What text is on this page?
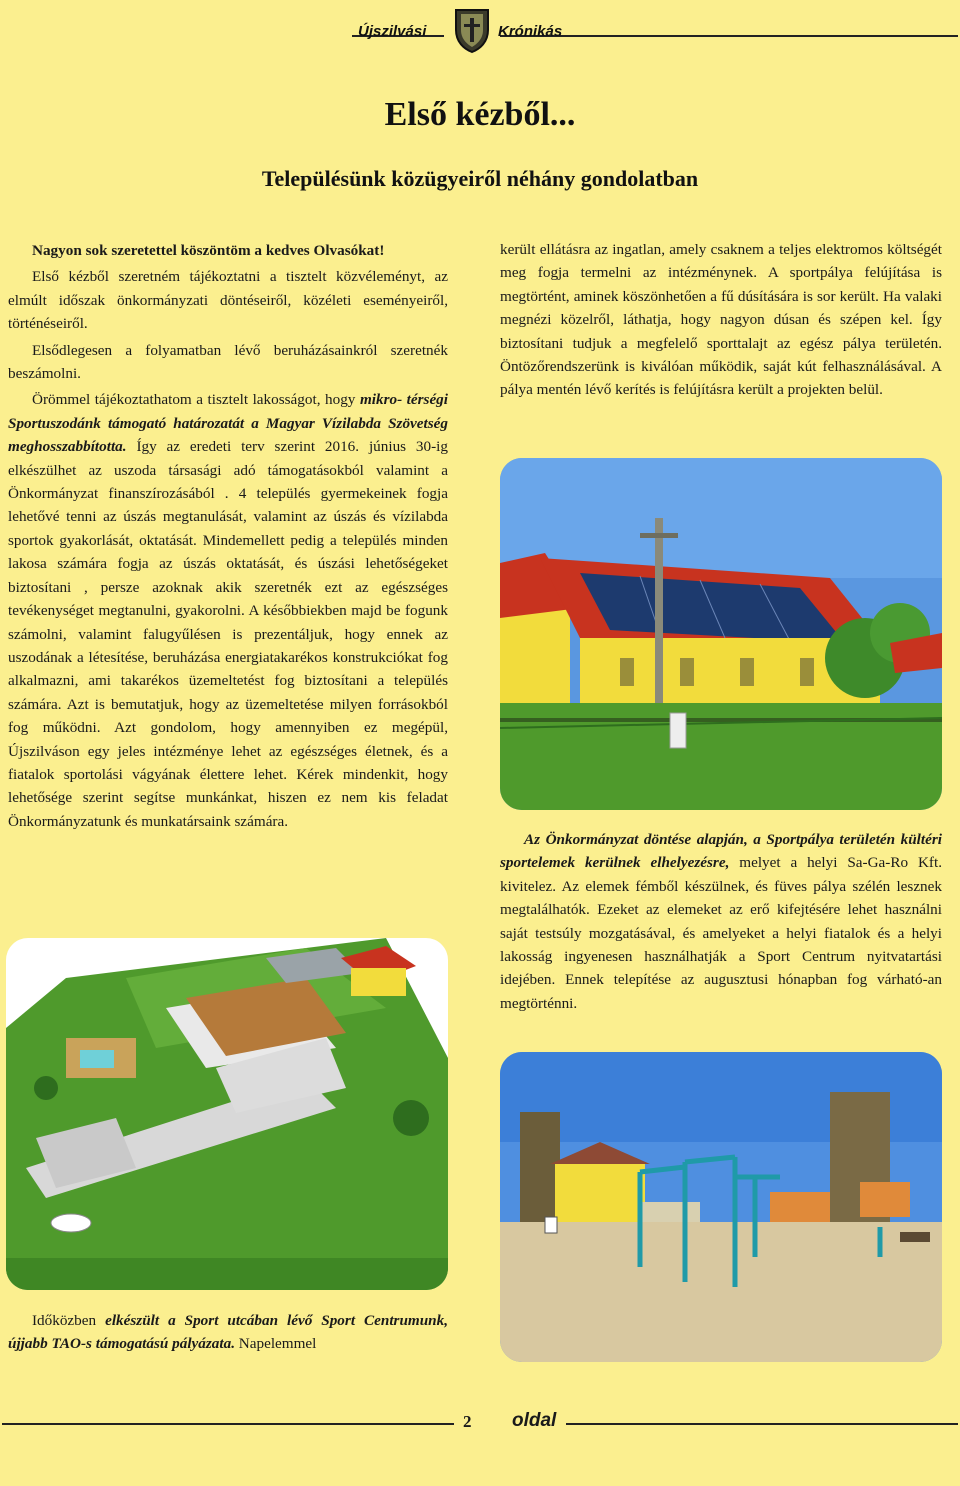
Újszilvási	Krónikás
Első kézből...
Településünk közügyeiről néhány gondolatban

Nagyon sok szeretettel köszöntöm a kedves Olvasókat!

Első kézből szeretném tájékoztatni a tisztelt közvéleményt, az elmúlt időszak önkormányzati döntéseiről, közéleti eseményeiről, történéseiről.

Elsődlegesen a folyamatban lévő beruházásainkról szeretnék beszámolni.

Örömmel tájékoztathatom a tisztelt lakosságot, hogy mikro- térségi Sportuszodánk támogató határozatát a Magyar Vízilabda Szövetség meghosszabbította. Így az eredeti terv szerint 2016. június 30-ig elkészülhet az uszoda társasági adó támogatásokból valamint a Önkormányzat finanszírozásából . 4 település gyermekeinek fogja lehetővé tenni az úszás megtanulását, valamint az úszás és vízilabda sportok gyakorlását, oktatását. Mindemellett pedig a település minden lakosa számára fogja az úszás oktatását, és úszási lehetőségeket biztosítani , persze azoknak akik szeretnék ezt az egészséges tevékenységet megtanulni, gyakorolni. A későbbiekben majd be fogunk számolni, valamint falugyűlésen is prezentáljuk, hogy ennek az uszodának a létesítése, beruházása energiatakarékos konstrukciókat fog alkalmazni, ami takarékos üzemeltetést fog biztosítani a település számára. Azt is bemutatjuk, hogy az üzemeltetése milyen forrásokból fog működni. Azt gondolom, hogy amennyiben ez megépül, Újszilváson egy jeles intézménye lehet az egészséges életnek, és a fiatalok sportolási vágyának élettere lehet. Kérek mindenkit, hogy lehetősége szerint segítse munkánkat, hiszen ez nem kis feladat Önkormányzatunk és munkatársaink számára.

Időközben elkészült a Sport utcában lévő Sport Centrumunk, újjabb TAO-s támogatású pályázata. Napelemmel

került ellátásra az ingatlan, amely csaknem a teljes elektromos költségét meg fogja termelni az intézménynek. A sportpálya felújítása is megtörtént, aminek köszönhetően a fű dúsítására is sor került. Ha valaki megnézi közelről, láthatja, hogy nagyon dúsan és szépen kel. Így biztosítani tudjuk a megfelelő sporttalajt az egész pálya területén. Öntözőrendszerünk is kiválóan működik, saját kút felhasználásával. A pálya mentén lévő kerítés is felújításra került a projekten belül.

Az Önkormányzat döntése alapján, a Sportpálya területén kültéri sportelemek kerülnek elhelyezésre, melyet a helyi Sa-Ga-Ro Kft. kivitelez. Az elemek fémből készülnek, és füves pálya szélén lesznek megtalálhatók. Ezeket az elemeket az erő kifejtésére lehet használni saját testsúly mozgatásával, és amelyeket a helyi fiatalok és a helyi lakosság ingyenesen használhatják a Sport Centrum nyitvatartási idejében. Ennek telepítése az augusztusi hónapban fog várható-an megtörténni.

2 oldal
